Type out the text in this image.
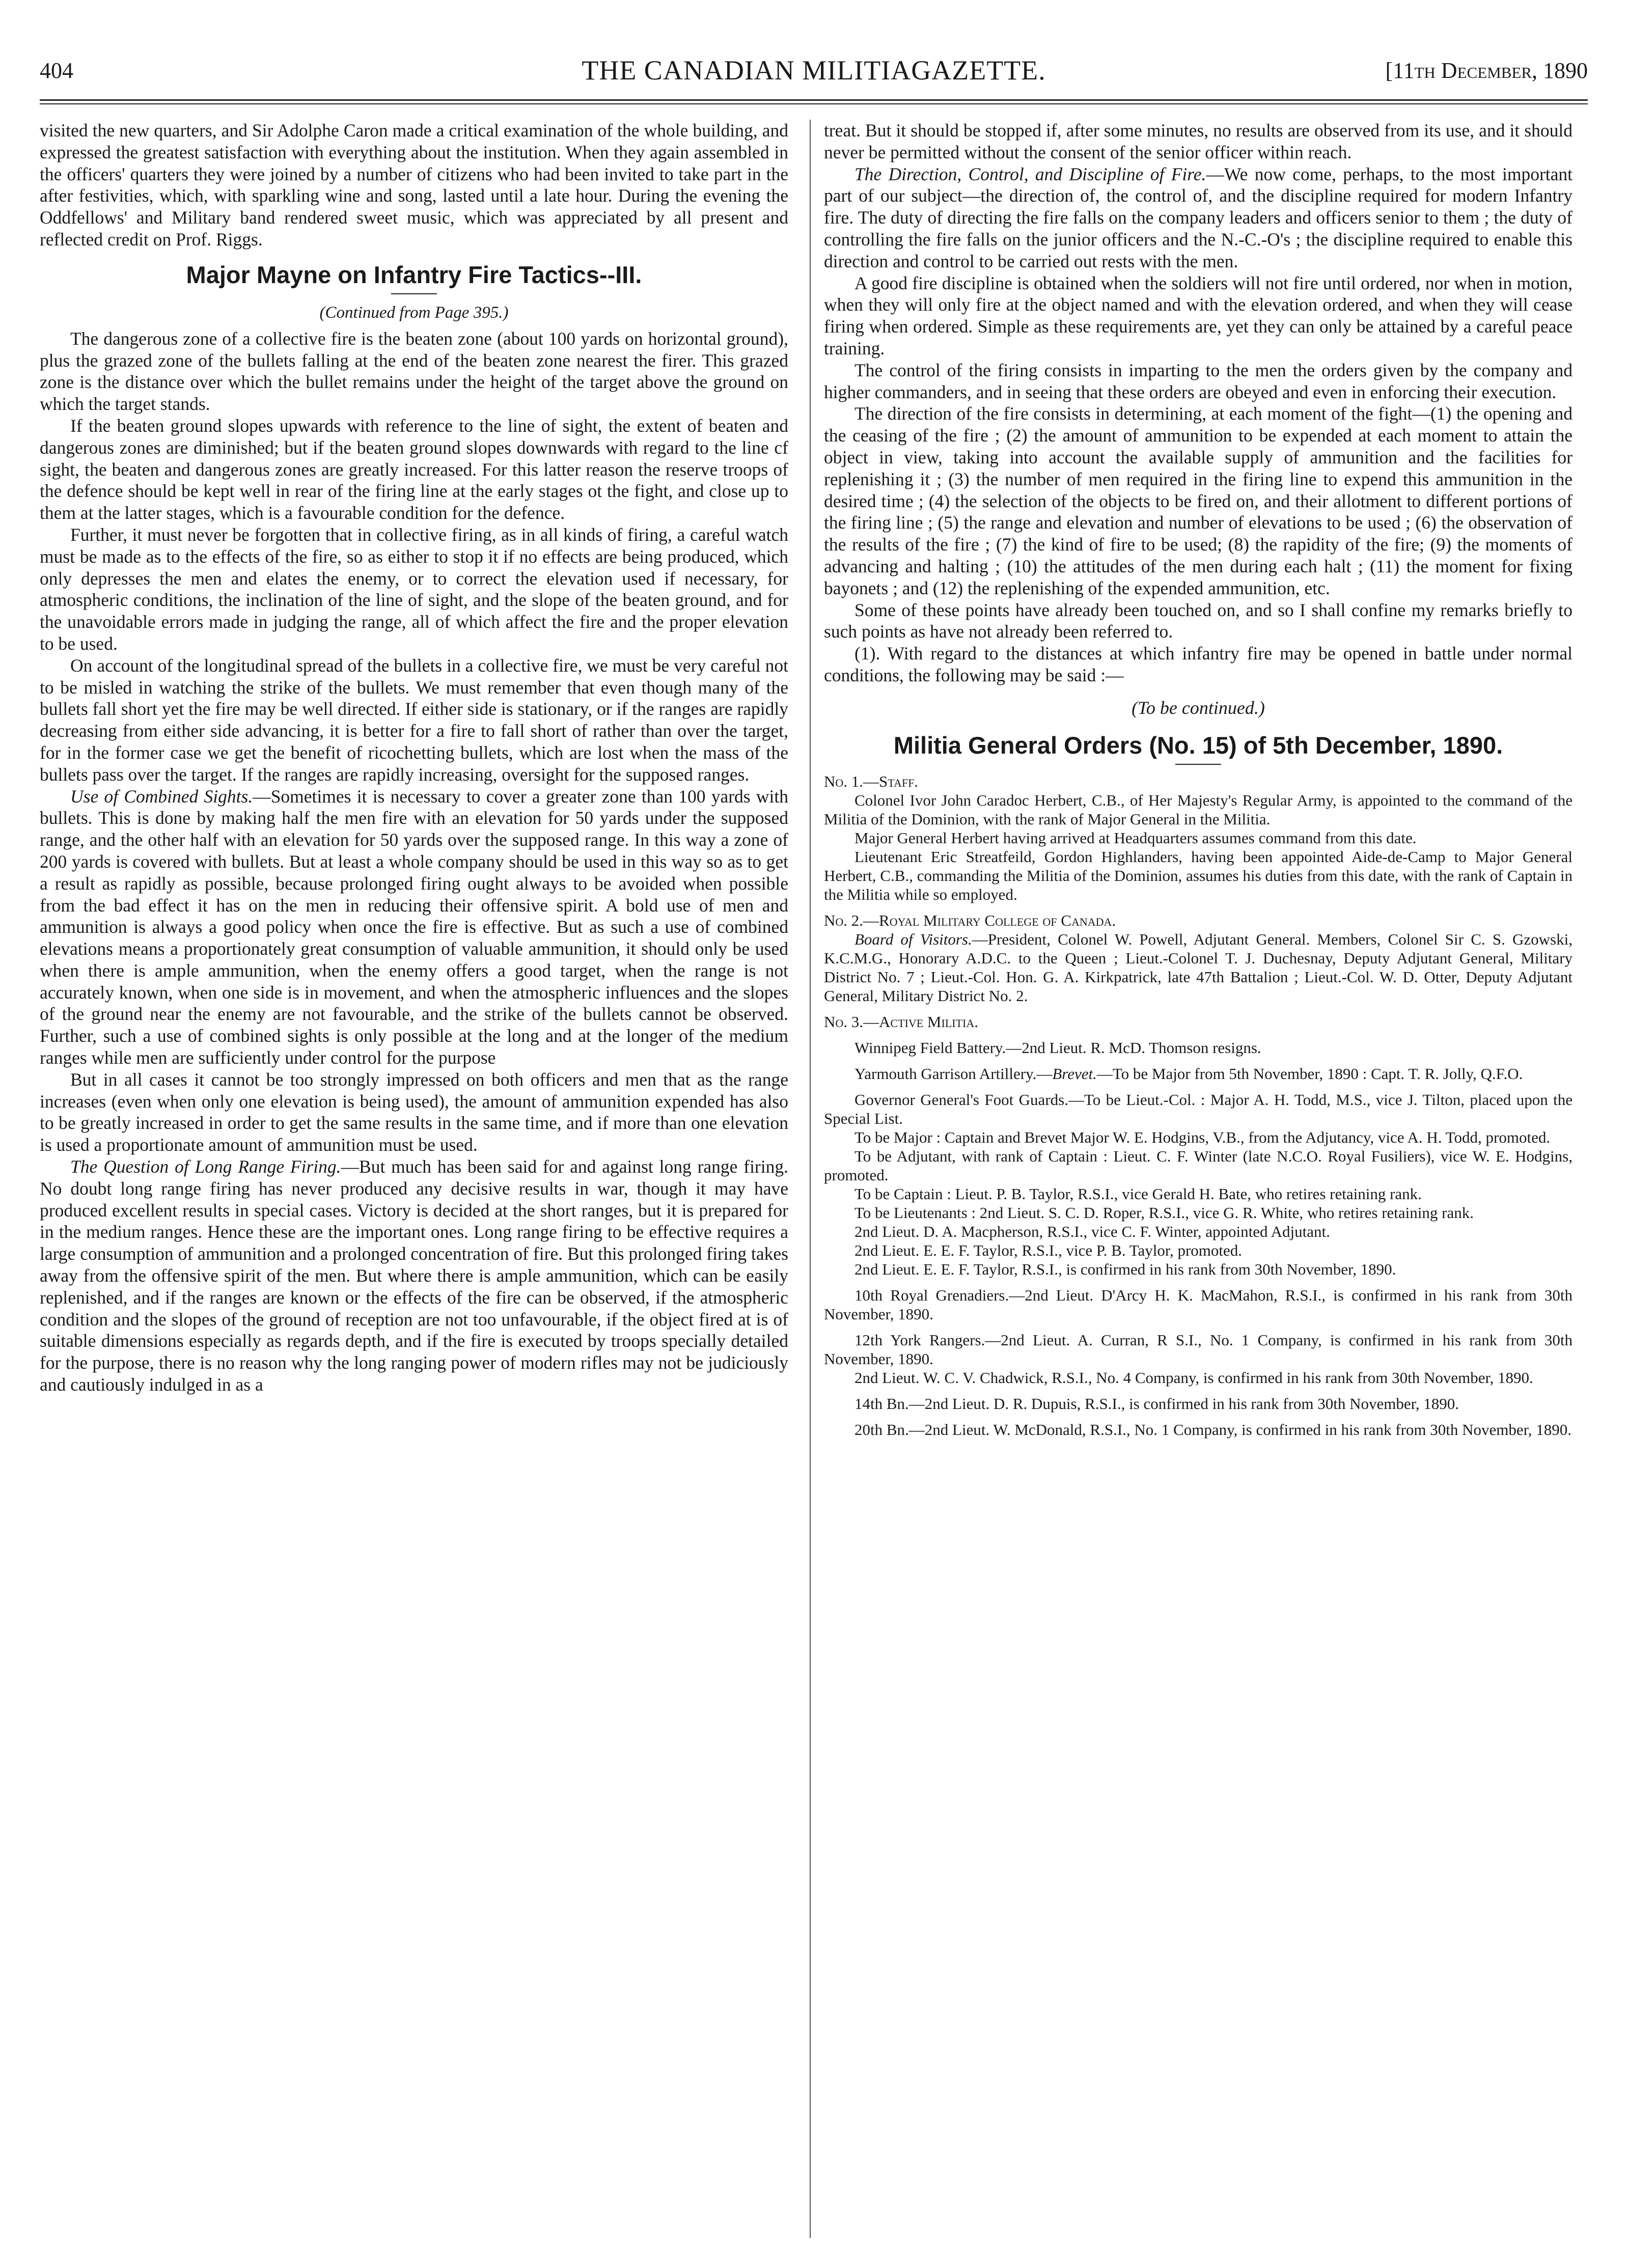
404	THE CANADIAN MILITIAGAZETTE.	[11th December, 1890

visited the new quarters, and Sir Adolphe Caron made a critical examination of the whole building, and expressed the greatest satisfaction with everything about the institution. When they again assembled in the officers' quarters they were joined by a number of citizens who had been invited to take part in the after festivities, which, with sparkling wine and song, lasted until a late hour. During the evening the Oddfellows' and Military band rendered sweet music, which was appreciated by all present and reflected credit on Prof. Riggs.

Major Mayne on Infantry Fire Tactics--III.
(Continued from Page 395.)

The dangerous zone of a collective fire is the beaten zone (about 100 yards on horizontal ground), plus the grazed zone of the bullets falling at the end of the beaten zone nearest the firer. This grazed zone is the distance over which the bullet remains under the height of the target above the ground on which the target stands.

If the beaten ground slopes upwards with reference to the line of sight, the extent of beaten and dangerous zones are diminished; but if the beaten ground slopes downwards with regard to the line cf sight, the beaten and dangerous zones are greatly increased. For this latter reason the reserve troops of the defence should be kept well in rear of the firing line at the early stages ot the fight, and close up to them at the latter stages, which is a favourable condition for the defence.

Further, it must never be forgotten that in collective firing, as in all kinds of firing, a careful watch must be made as to the effects of the fire, so as either to stop it if no effects are being produced, which only depresses the men and elates the enemy, or to correct the elevation used if necessary, for atmospheric conditions, the inclination of the line of sight, and the slope of the beaten ground, and for the unavoidable errors made in judging the range, all of which affect the fire and the proper elevation to be used.

On account of the longitudinal spread of the bullets in a collective fire, we must be very careful not to be misled in watching the strike of the bullets. We must remember that even though many of the bullets fall short yet the fire may be well directed. If either side is stationary, or if the ranges are rapidly decreasing from either side advancing, it is better for a fire to fall short of rather than over the target, for in the former case we get the benefit of ricochetting bullets, which are lost when the mass of the bullets pass over the target. If the ranges are rapidly increasing, oversight for the supposed ranges.

Use of Combined Sights.—Sometimes it is necessary to cover a greater zone than 100 yards with bullets. This is done by making half the men fire with an elevation for 50 yards under the supposed range, and the other half with an elevation for 50 yards over the supposed range. In this way a zone of 200 yards is covered with bullets. But at least a whole company should be used in this way so as to get a result as rapidly as possible, because prolonged firing ought always to be avoided when possible from the bad effect it has on the men in reducing their offensive spirit. A bold use of men and ammunition is always a good policy when once the fire is effective. But as such a use of combined elevations means a proportionately great consumption of valuable ammunition, it should only be used when there is ample ammunition, when the enemy offers a good target, when the range is not accurately known, when one side is in movement, and when the atmospheric influences and the slopes of the ground near the enemy are not favourable, and the strike of the bullets cannot be observed. Further, such a use of combined sights is only possible at the long and at the longer of the medium ranges while men are sufficiently under control for the purpose

But in all cases it cannot be too strongly impressed on both officers and men that as the range increases (even when only one elevation is being used), the amount of ammunition expended has also to be greatly increased in order to get the same results in the same time, and if more than one elevation is used a proportionate amount of ammunition must be used.

The Question of Long Range Firing.—But much has been said for and against long range firing. No doubt long range firing has never produced any decisive results in war, though it may have produced excellent results in special cases. Victory is decided at the short ranges, but it is prepared for in the medium ranges. Hence these are the important ones. Long range firing to be effective requires a large consumption of ammunition and a prolonged concentration of fire. But this prolonged firing takes away from the offensive spirit of the men. But where there is ample ammunition, which can be easily replenished, and if the ranges are known or the effects of the fire can be observed, if the atmospheric condition and the slopes of the ground of reception are not too unfavourable, if the object fired at is of suitable dimensions especially as regards depth, and if the fire is executed by troops specially detailed for the purpose, there is no reason why the long ranging power of modern rifles may not be judiciously and cautiously indulged in as a

treat. But it should be stopped if, after some minutes, no results are observed from its use, and it should never be permitted without the consent of the senior officer within reach.

The Direction, Control, and Discipline of Fire.—We now come, perhaps, to the most important part of our subject—the direction of, the control of, and the discipline required for modern Infantry fire. The duty of directing the fire falls on the company leaders and officers senior to them ; the duty of controlling the fire falls on the junior officers and the N.-C.-O's ; the discipline required to enable this direction and control to be carried out rests with the men.

A good fire discipline is obtained when the soldiers will not fire until ordered, nor when in motion, when they will only fire at the object named and with the elevation ordered, and when they will cease firing when ordered. Simple as these requirements are, yet they can only be attained by a careful peace training.

The control of the firing consists in imparting to the men the orders given by the company and higher commanders, and in seeing that these orders are obeyed and even in enforcing their execution.

The direction of the fire consists in determining, at each moment of the fight—(1) the opening and the ceasing of the fire ; (2) the amount of ammunition to be expended at each moment to attain the object in view, taking into account the available supply of ammunition and the facilities for replenishing it ; (3) the number of men required in the firing line to expend this ammunition in the desired time ; (4) the selection of the objects to be fired on, and their allotment to different portions of the firing line ; (5) the range and elevation and number of elevations to be used ; (6) the observation of the results of the fire ; (7) the kind of fire to be used; (8) the rapidity of the fire; (9) the moments of advancing and halting ; (10) the attitudes of the men during each halt ; (11) the moment for fixing bayonets ; and (12) the replenishing of the expended ammunition, etc.

Some of these points have already been touched on, and so I shall confine my remarks briefly to such points as have not already been referred to.

(1). With regard to the distances at which infantry fire may be opened in battle under normal conditions, the following may be said :—

(To be continued.)
Militia General Orders (No. 15) of 5th December, 1890.

No. 1.—Staff.

Colonel Ivor John Caradoc Herbert, C.B., of Her Majesty's Regular Army, is appointed to the command of the Militia of the Dominion, with the rank of Major General in the Militia.

Major General Herbert having arrived at Headquarters assumes command from this date.

Lieutenant Eric Streatfeild, Gordon Highlanders, having been appointed Aide-de-Camp to Major General Herbert, C.B., commanding the Militia of the Dominion, assumes his duties from this date, with the rank of Captain in the Militia while so employed.

No. 2.—Royal Military College of Canada.

Board of Visitors.—President, Colonel W. Powell, Adjutant General. Members, Colonel Sir C. S. Gzowski, K.C.M.G., Honorary A.D.C. to the Queen ; Lieut.-Colonel T. J. Duchesnay, Deputy Adjutant General, Military District No. 7 ; Lieut.-Col. Hon. G. A. Kirkpatrick, late 47th Battalion ; Lieut.-Col. W. D. Otter, Deputy Adjutant General, Military District No. 2.

No. 3.—Active Militia.

Winnipeg Field Battery.—2nd Lieut. R. McD. Thomson resigns.

Yarmouth Garrison Artillery.—Brevet.—To be Major from 5th November, 1890 : Capt. T. R. Jolly, Q.F.O.

Governor General's Foot Guards.—To be Lieut.-Col. : Major A. H. Todd, M.S., vice J. Tilton, placed upon the Special List.

To be Major : Captain and Brevet Major W. E. Hodgins, V.B., from the Adjutancy, vice A. H. Todd, promoted.

To be Adjutant, with rank of Captain : Lieut. C. F. Winter (late N.C.O. Royal Fusiliers), vice W. E. Hodgins, promoted.

To be Captain : Lieut. P. B. Taylor, R.S.I., vice Gerald H. Bate, who retires retaining rank.

To be Lieutenants : 2nd Lieut. S. C. D. Roper, R.S.I., vice G. R. White, who retires retaining rank.

2nd Lieut. D. A. Macpherson, R.S.I., vice C. F. Winter, appointed Adjutant.

2nd Lieut. E. E. F. Taylor, R.S.I., vice P. B. Taylor, promoted.

2nd Lieut. E. E. F. Taylor, R.S.I., is confirmed in his rank from 30th November, 1890.

10th Royal Grenadiers.—2nd Lieut. D'Arcy H. K. MacMahon, R.S.I., is confirmed in his rank from 30th November, 1890.

12th York Rangers.—2nd Lieut. A. Curran, R S.I., No. 1 Company, is confirmed in his rank from 30th November, 1890.

2nd Lieut. W. C. V. Chadwick, R.S.I., No. 4 Company, is confirmed in his rank from 30th November, 1890.

14th Bn.—2nd Lieut. D. R. Dupuis, R.S.I., is confirmed in his rank from 30th November, 1890.

20th Bn.—2nd Lieut. W. McDonald, R.S.I., No. 1 Company, is confirmed in his rank from 30th November, 1890.
